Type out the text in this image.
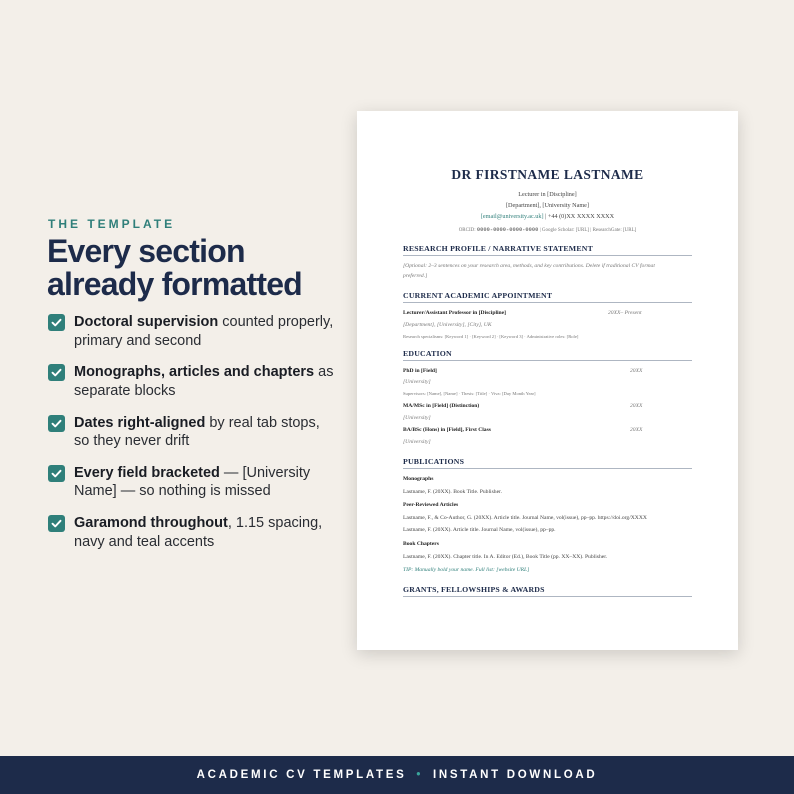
THE TEMPLATE
Every section
already formatted
Doctoral supervision counted properly, primary and second
Monographs, articles and chapters as separate blocks
Dates right-aligned by real tab stops, so they never drift
Every field bracketed — [University Name] — so nothing is missed
Garamond throughout, 1.15 spacing, navy and teal accents
DR FIRSTNAME LASTNAME
Lecturer in [Discipline]
[Department], [University Name]
[email@university.ac.uk] | +44 (0)XX XXXX XXXX
ORCID: 0000-0000-0000-0000 | Google Scholar: [URL] | ResearchGate: [URL]
RESEARCH PROFILE / NARRATIVE STATEMENT
[Optional: 2–3 sentences on your research area, methods, and key contributions. Delete if traditional CV format
preferred.]
CURRENT ACADEMIC APPOINTMENT
Lecturer/Assistant Professor in [Discipline]	20XX– Present
[Department], [University], [City], UK
Research specialisms: [Keyword 1] · [Keyword 2] · [Keyword 3] · Administrative roles: [Role]
EDUCATION
PhD in [Field]	20XX
[University]
Supervisors: [Name], [Name] · Thesis: [Title] · Viva: [Day Month Year]
MA/MSc in [Field] (Distinction)	20XX
[University]
BA/BSc (Hons) in [Field], First Class	20XX
[University]
PUBLICATIONS
Monographs
Lastname, F. (20XX). Book Title. Publisher.
Peer-Reviewed Articles
Lastname, F., & Co-Author, G. (20XX). Article title. Journal Name, vol(issue), pp–pp. https://doi.org/XXXX
Lastname, F. (20XX). Article title. Journal Name, vol(issue), pp–pp.
Book Chapters
Lastname, F. (20XX). Chapter title. In A. Editor (Ed.), Book Title (pp. XX–XX). Publisher.
TIP: Manually bold your name. Full list: [website URL]
GRANTS, FELLOWSHIPS & AWARDS
ACADEMIC CV TEMPLATES • INSTANT DOWNLOAD
